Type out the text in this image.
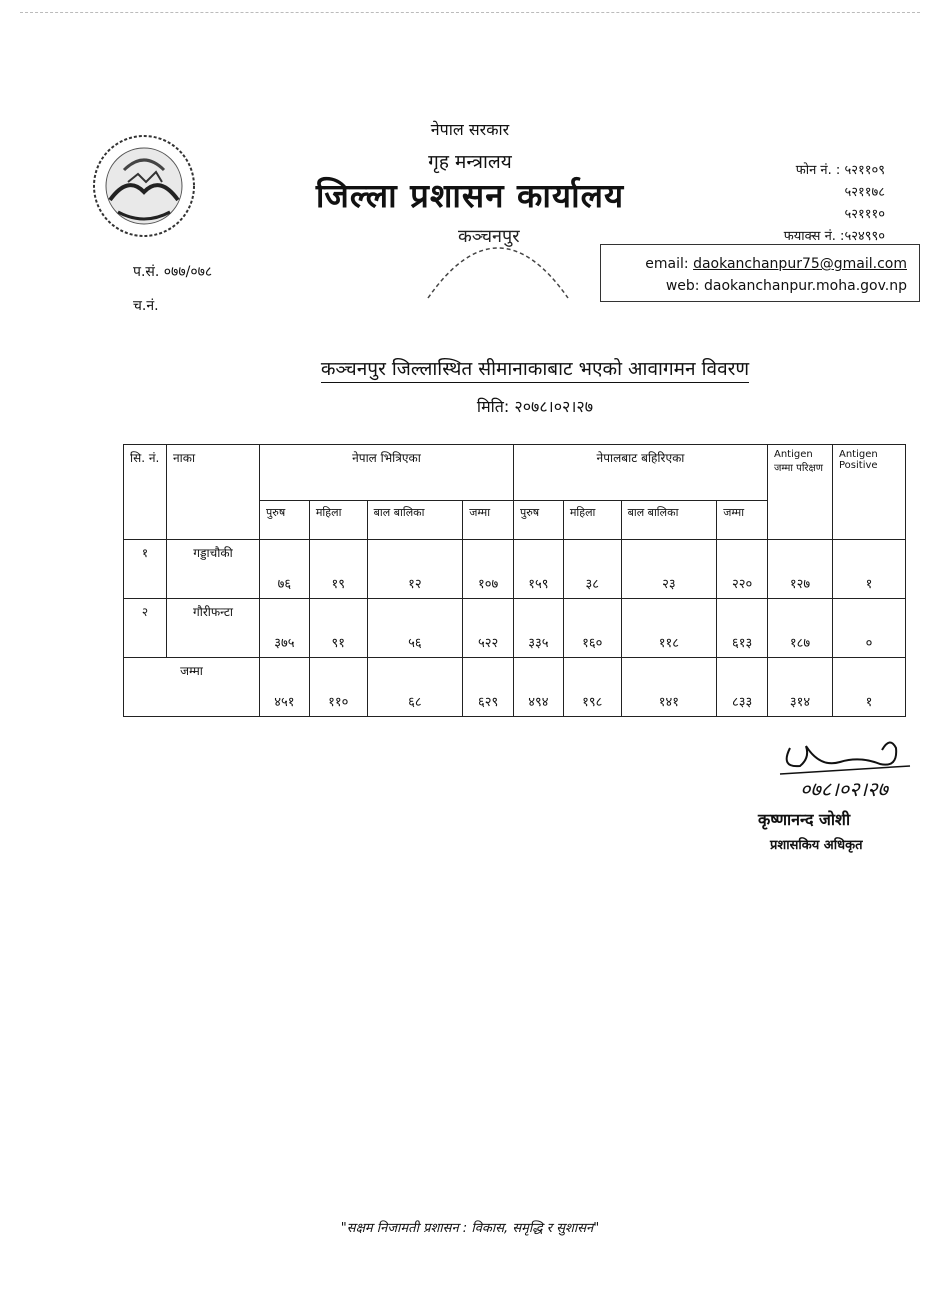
नेपाल सरकार
गृह मन्त्रालय
जिल्ला प्रशासन कार्यालय
फोन नं. : ५२११०९
५२११७८
५२१११०
फयाक्स नं. :५२४९९०
कञ्चनपुर
प.सं. ०७७/०७८
च.नं.
email: daokanchanpur75@gmail.com
web: daokanchanpur.moha.gov.np
कञ्चनपुर जिल्लास्थित सीमानाकाबाट भएको आवागमन विवरण
मिति: २०७८।०२।२७
सि. नं.	नाका	नेपाल भित्रिएका				नेपालबाट बहिरिएका				Antigen जम्मा परिक्षण	Antigen Positive
		पुरुष	महिला	बाल बालिका	जम्मा	पुरुष	महिला	बाल बालिका	जम्मा		
१	गड्डाचौकी	७६	१९	१२	१०७	१५९	३८	२३	२२०	१२७	१
२	गौरीफन्टा	३७५	९१	५६	५२२	३३५	१६०	११८	६१३	१८७	०
जम्मा		४५१	११०	६८	६२९	४९४	१९८	१४१	८३३	३१४	१
०७८।०२।२७
कृष्णानन्द जोशी
प्रशासकिय अधिकृत
"सक्षम निजामती प्रशासन : विकास, समृद्धि र सुशासन"
